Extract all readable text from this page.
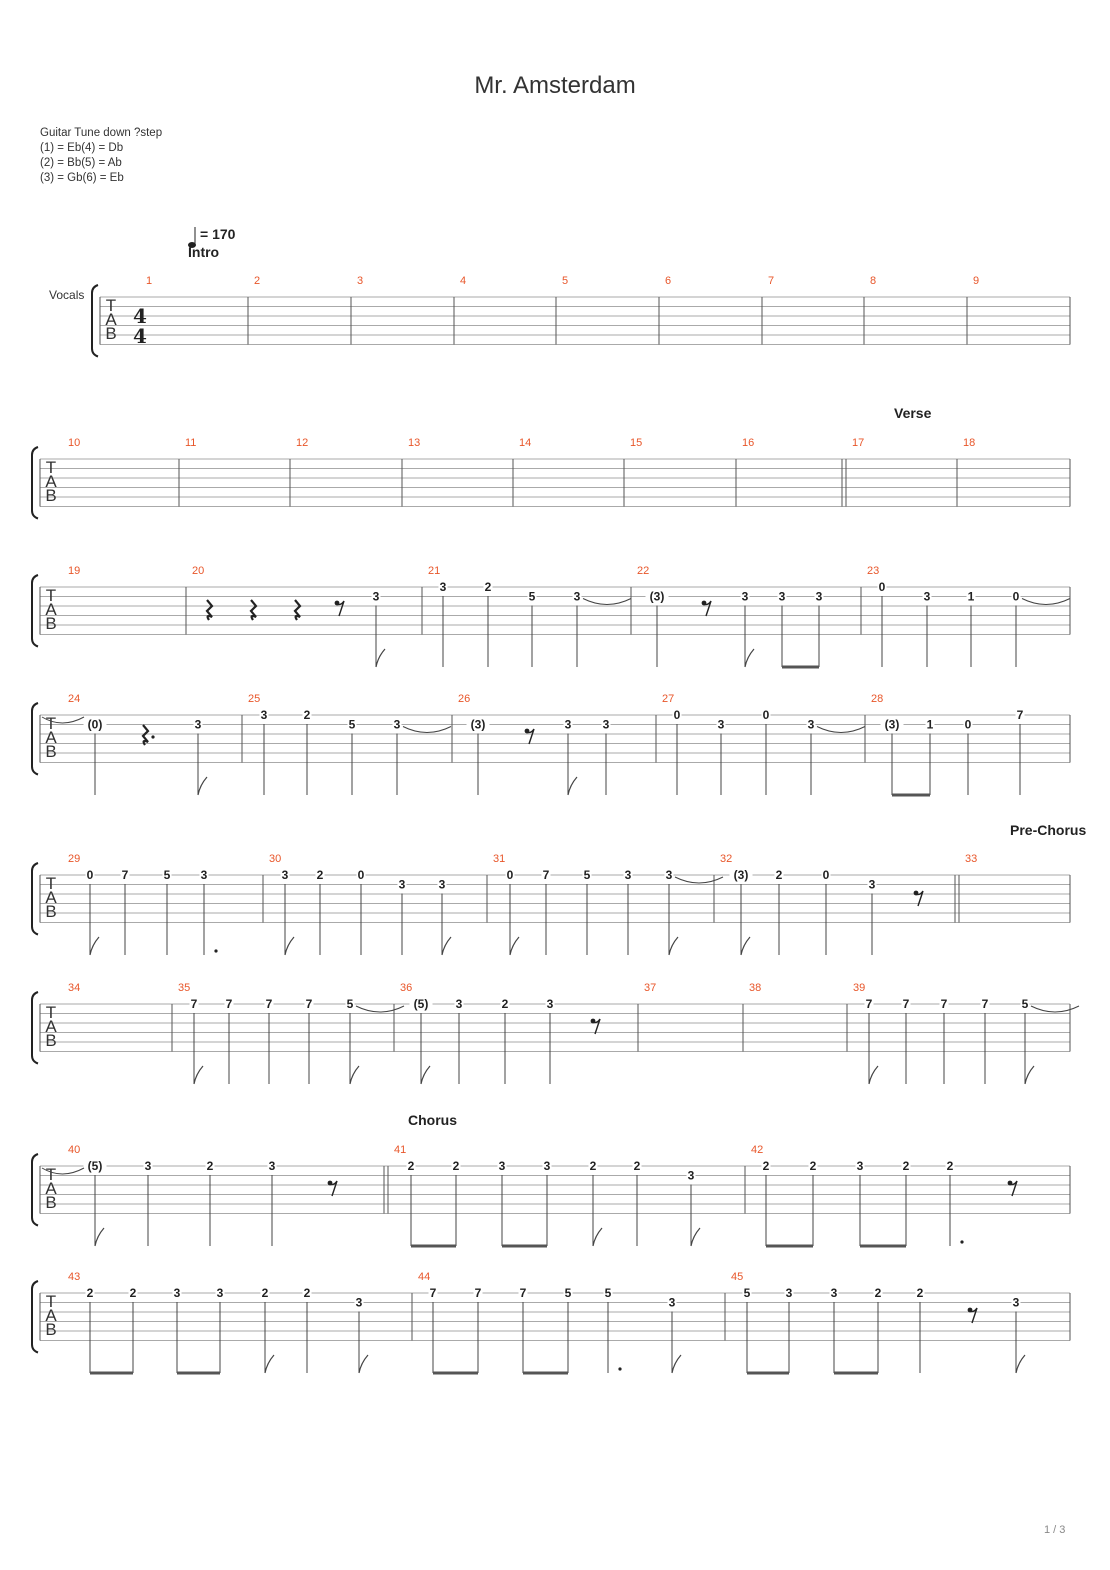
Mr. Amsterdam
Guitar Tune down ?step
(1) = Eb(4) = Db
(2) = Bb(5) = Ab
(3) = Gb(6) = Eb
= 170
Intro
Verse
Pre-Chorus
Chorus
Vocals
T
A
B
4
4
1	2	3	4	5	6	7	8	9
T
A
B
10	11	12	13	14	15	16	17	18
T
A
B
19	20
3
21
3	2
5	3
22
(3)	3	3	3
23
0
3	1	0
T
A
B
24
(0)	3
25
3	2
5	3
26
(3)	3	3
27
0
3
0
3
28
(3) 1	0
7
T
A
B
29
0 7	5	3
30
3 2	0
3	3
31
0 7	5	3	3
32
(3) 2	0
3
33
T
A
B
34	35
7 7	7	7	5
36
(5) 3	2	3
37	38	39
7	7	7	7	5
T
A
B
40
(5)	3	2	3
41
2	2	3	3	2	2
3
42
2	2	3	2	2
T
A
B
43
2	2	3	3	2	2
3
44
7	7	7	5	5
3
45
5	3	3	2	2
3
1 / 3
